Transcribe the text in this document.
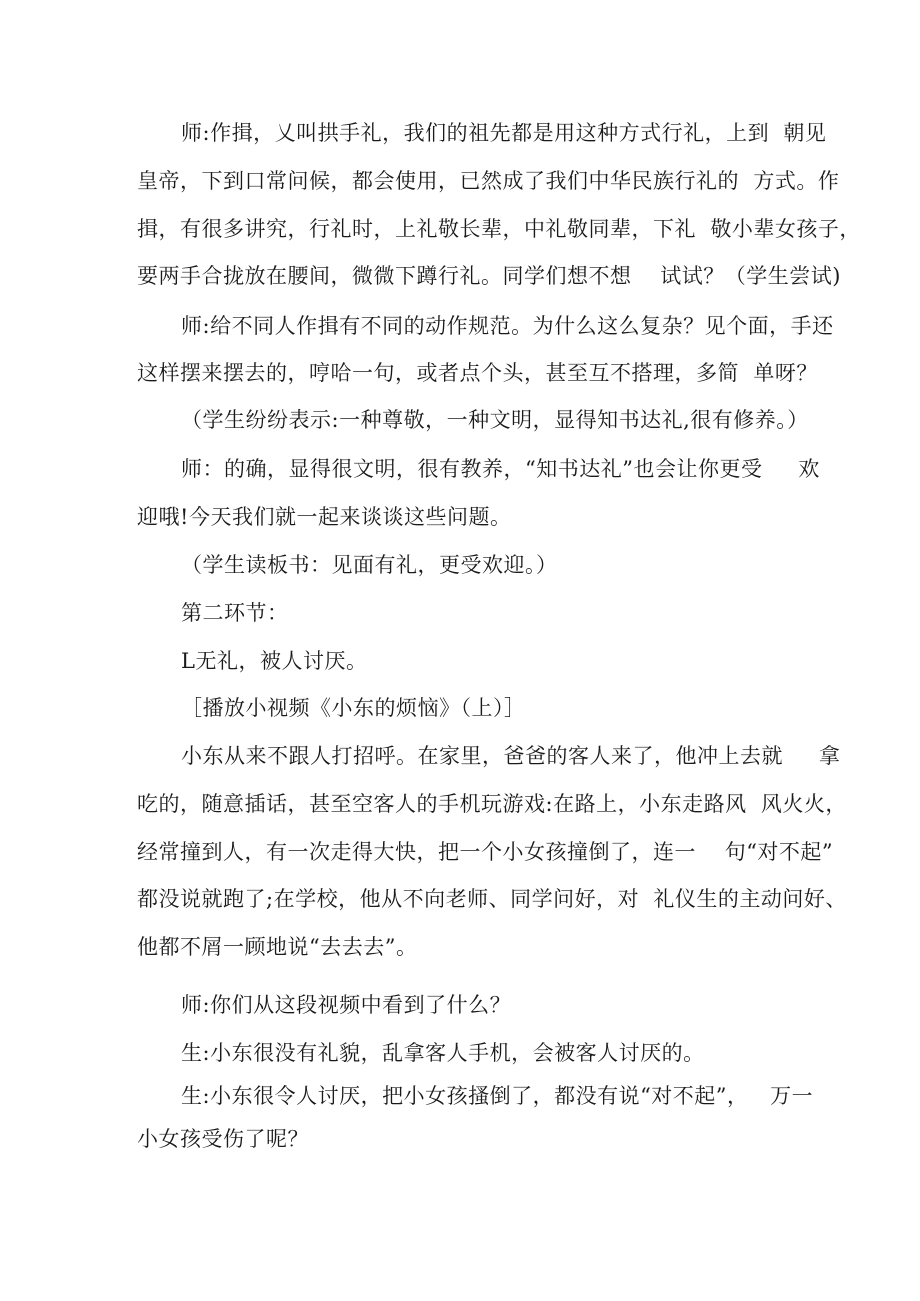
师:作揖，乂叫拱手礼，我们的祖先都是用这种方式行礼，上到  朝见
皇帝，下到口常问候，都会使用，已然成了我们中华民族行礼的  方式。作
揖，有很多讲究，行礼时，上礼敬长辈，中礼敬同辈，下礼  敬小辈女孩子，
要两手合拢放在腰间，微微下蹲行礼。同学们想不想    试试？（学生尝试)
师:给不同人作揖有不同的动作规范。为什么这么复杂？见个面，手还
这样摆来摆去的，哼哈一句，或者点个头，甚至互不搭理，多简  单呀？
（学生纷纷表示:一种尊敬，一种文明，显得知书达礼,很有修养。）
师：的确，显得很文明，很有教养，“知书达礼”也会让你更受     欢
迎哦!今天我们就一起来谈谈这些问题。
（学生读板书：见面有礼，更受欢迎。）
第二环节：
L无礼，被人讨厌。
［播放小视频《小东的烦恼》（上）］
小东从来不跟人打招呼。在家里，爸爸的客人来了，他冲上去就     拿
吃的，随意插话，甚至空客人的手机玩游戏:在路上，小东走路风  风火火，
经常撞到人，有一次走得大快，把一个小女孩撞倒了，连一    句“对不起”
都没说就跑了;在学校，他从不向老师、同学问好，对  礼仪生的主动问好、
他都不屑一顾地说“去去去”。
师:你们从这段视频中看到了什么？
生:小东很没有礼貌，乱拿客人手机，会被客人讨厌的。
生:小东很令人讨厌，把小女孩搔倒了，都没有说“对不起”，   万一
小女孩受伤了呢？
